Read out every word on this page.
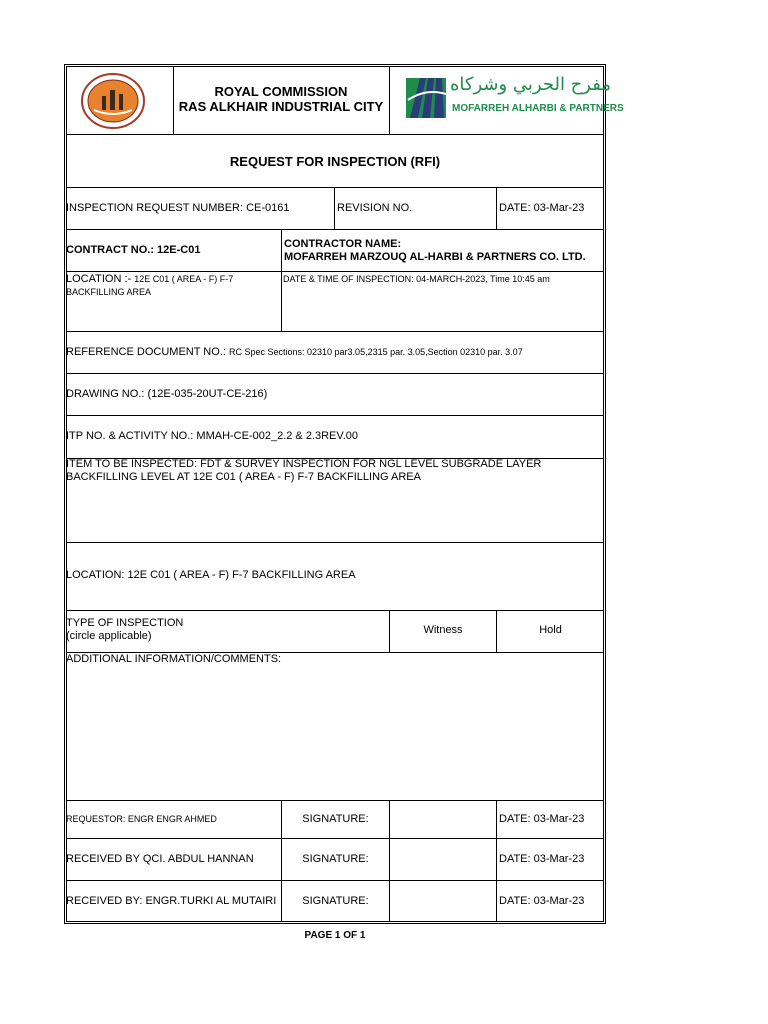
ROYAL COMMISSION
RAS ALKHAIR INDUSTRIAL CITY
مفرح الحربي وشركاه
MOFARREH ALHARBI & PARTNERS
REQUEST FOR INSPECTION (RFI)
INSPECTION REQUEST NUMBER: CE-0161	REVISION NO.	DATE: 03-Mar-23
CONTRACT NO.: 12E-C01	CONTRACTOR NAME:
MOFARREH MARZOUQ AL-HARBI & PARTNERS CO. LTD.
LOCATION :- 12E C01 ( AREA - F) F-7
BACKFILLING AREA
DATE & TIME OF INSPECTION: 04-MARCH-2023, Time 10:45 am
REFERENCE DOCUMENT NO.: RC Spec Sections: 02310 par3.05,2315 par. 3.05,Section 02310 par. 3.07
DRAWING NO.: (12E-035-20UT-CE-216)
ITP NO. & ACTIVITY NO.: MMAH-CE-002_2.2 & 2.3REV.00
ITEM TO BE INSPECTED: FDT & SURVEY INSPECTION FOR NGL LEVEL SUBGRADE LAYER
BACKFILLING LEVEL AT 12E C01 ( AREA - F) F-7 BACKFILLING AREA
LOCATION: 12E C01 ( AREA - F) F-7 BACKFILLING AREA
TYPE OF INSPECTION
(circle applicable)	Witness	Hold
ADDITIONAL INFORMATION/COMMENTS:
REQUESTOR: ENGR ENGR AHMED	SIGNATURE:	DATE: 03-Mar-23
RECEIVED BY QCI. ABDUL HANNAN	SIGNATURE:	DATE: 03-Mar-23
RECEIVED BY: ENGR.TURKI AL MUTAIRI	SIGNATURE:	DATE: 03-Mar-23
PAGE 1 OF 1
